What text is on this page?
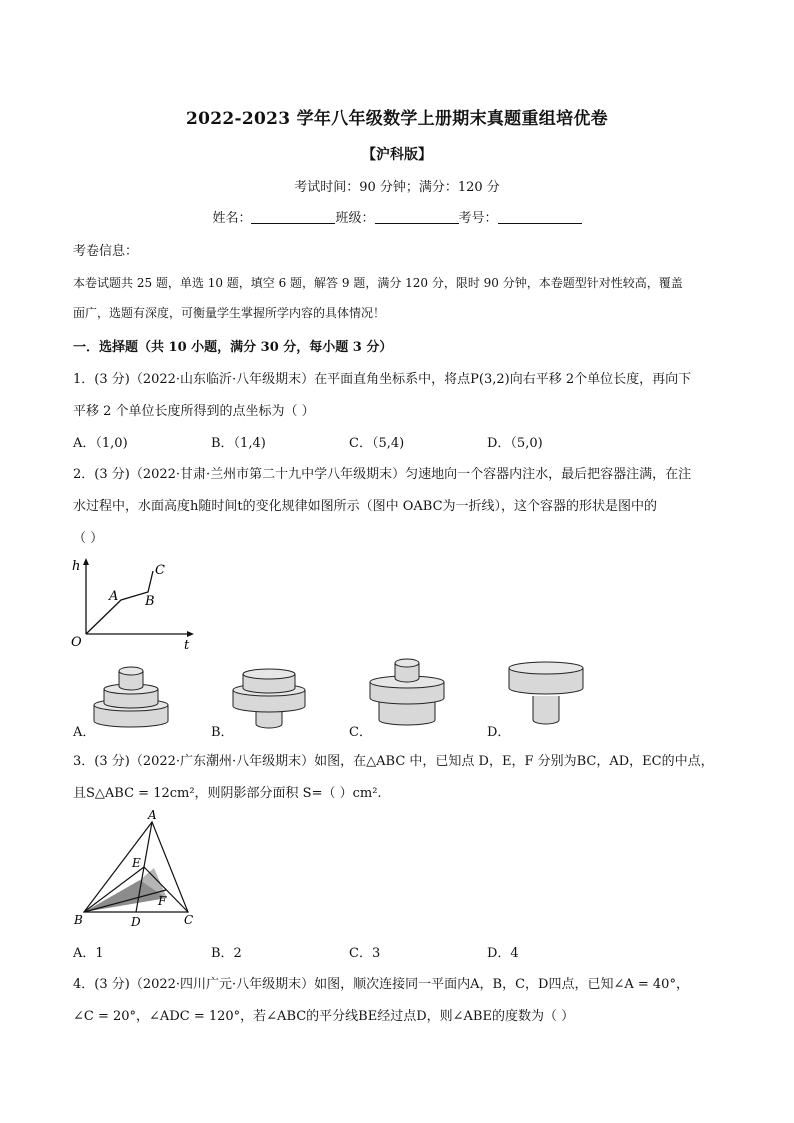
2022-2023 学年八年级数学上册期末真题重组培优卷
【沪科版】
考试时间：90 分钟；满分：120 分
姓名：	班级：	考号：
考卷信息：
本卷试题共 25 题，单选 10 题，填空 6 题，解答 9 题，满分 120 分，限时 90 分钟，本卷题型针对性较高，覆盖
面广，选题有深度，可衡量学生掌握所学内容的具体情况！
一．选择题（共 10 小题，满分 30 分，每小题 3 分）
1．(3 分)（2022·山东临沂·八年级期末）在平面直角坐标系中，将点P(3,2)向右平移 2个单位长度，再向下
平移 2 个单位长度所得到的点坐标为（ ）
A．（1,0)	B．（1,4)	C．（5,4)	D．（5,0)
2．(3 分)（2022·甘肃·兰州市第二十九中学八年级期末）匀速地向一个容器内注水，最后把容器注满，在注
水过程中，水面高度h随时间t的变化规律如图所示（图中 OABC为一折线），这个容器的形状是图中的
（ ）
h
t
O
A B
C
A．	B．	C．	D．
3．(3 分)（2022·广东潮州·八年级期末）如图，在△ABC 中，已知点 D，E，F 分别为BC，AD，EC的中点，
且S△ABC = 12cm²，则阴影部分面积 S=（ ）cm².
A
B	C
D
E
F
A．1	B．2	C．3	D．4
4．(3 分)（2022·四川广元·八年级期末）如图，顺次连接同一平面内A，B，C，D四点，已知∠A = 40°，
∠C = 20°，∠ADC = 120°，若∠ABC的平分线BE经过点D，则∠ABE的度数为（ ）
